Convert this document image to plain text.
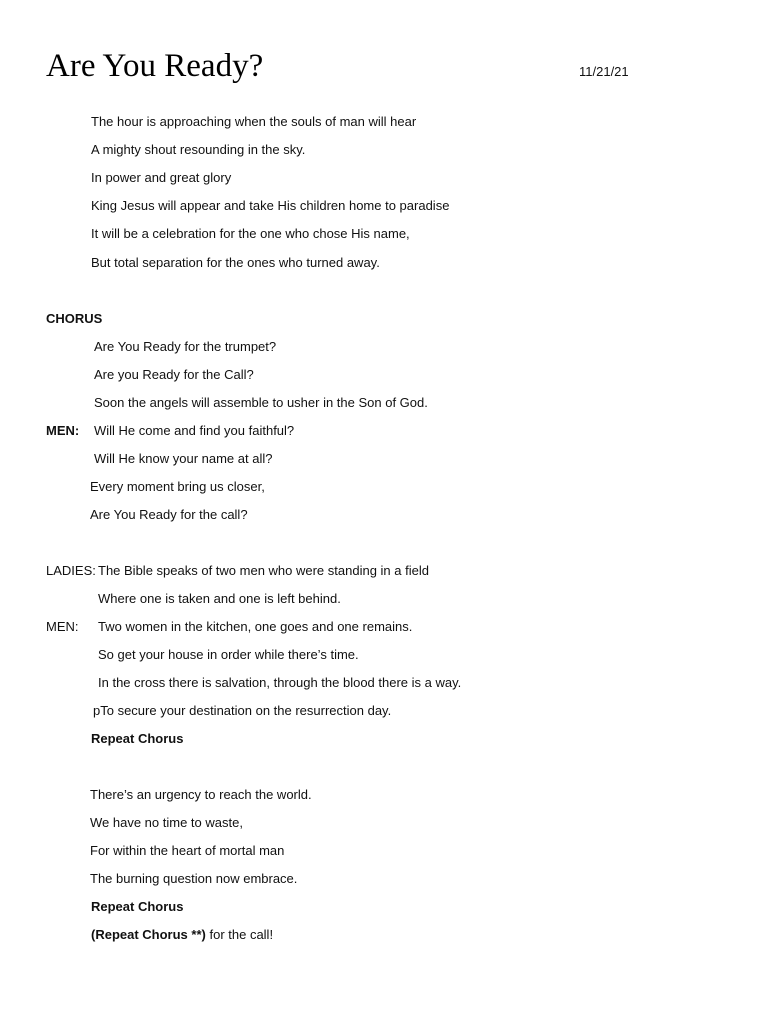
Are You Ready?	11/21/21
The hour is approaching when the souls of man will hear
A mighty shout resounding in the sky.
In power and great glory
King Jesus will appear and take His children home to paradise
It will be a celebration for the one who chose His name,
But total separation for the ones who turned away.
CHORUS
Are You Ready for the trumpet?
Are you Ready for the Call?
Soon the angels will assemble to usher in the Son of God.
MEN: Will He come and find you faithful?
Will He know your name at all?
Every moment bring us closer,
Are You Ready for the call?
LADIES: The Bible speaks of two men who were standing in a field
Where one is taken and one is left behind.
MEN: Two women in the kitchen, one goes and one remains.
So get your house in order while there’s time.
In the cross there is salvation, through the blood there is a way.
pTo secure your destination on the resurrection day.
Repeat Chorus
There’s an urgency to reach the world.
We have no time to waste,
For within the heart of mortal man
The burning question now embrace.
Repeat Chorus
(Repeat Chorus **) for the call!
